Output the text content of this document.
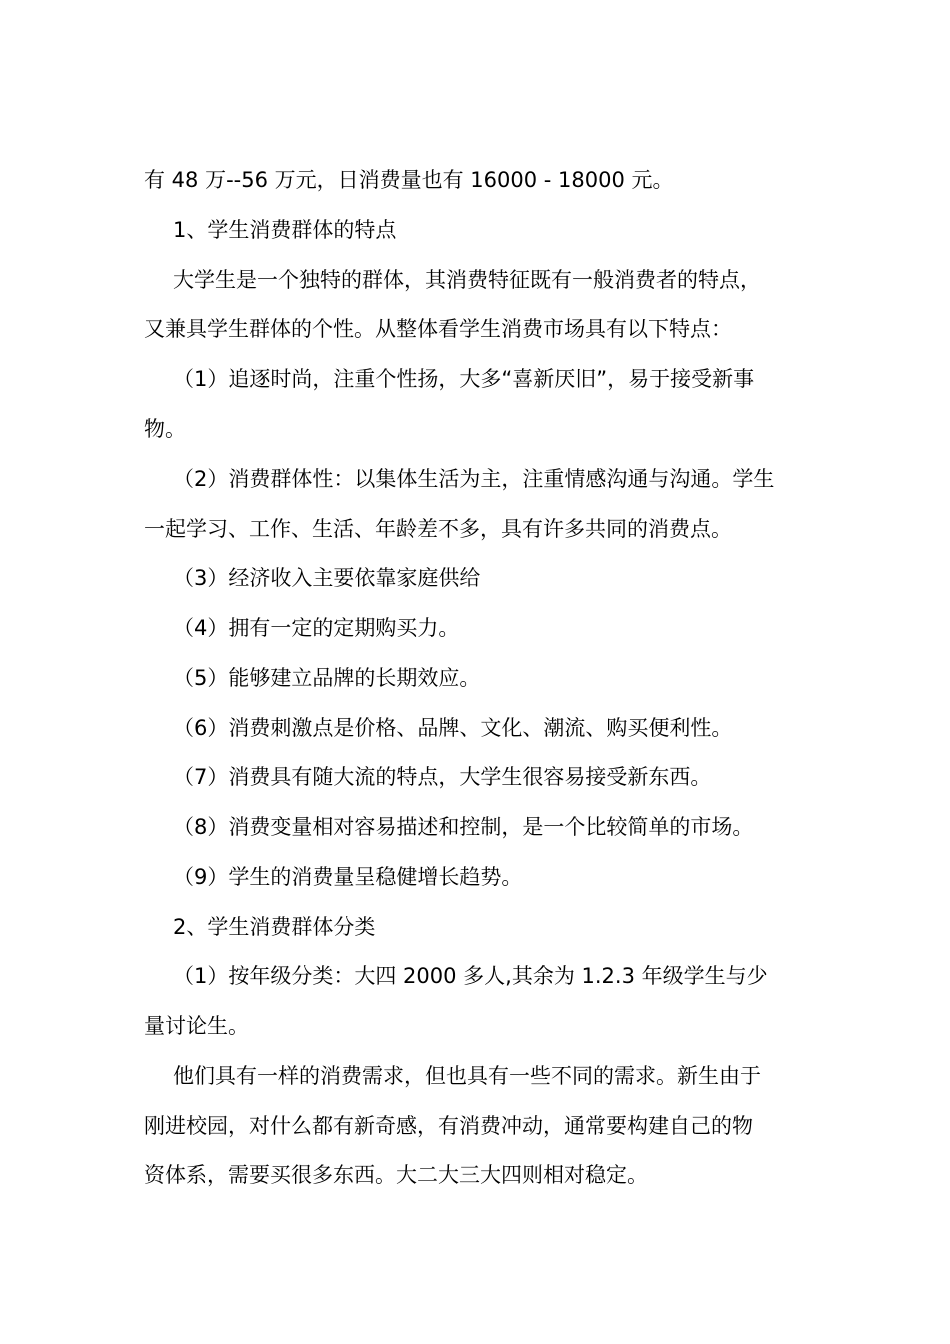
有 48 万--56 万元，日消费量也有 16000 - 18000 元。
1、学生消费群体的特点
大学生是一个独特的群体，其消费特征既有一般消费者的特点，
又兼具学生群体的个性。从整体看学生消费市场具有以下特点：
（1）追逐时尚，注重个性扬，大多“喜新厌旧”，易于接受新事
物。
（2）消费群体性：以集体生活为主，注重情感沟通与沟通。学生
一起学习、工作、生活、年龄差不多，具有许多共同的消费点。
（3）经济收入主要依靠家庭供给
（4）拥有一定的定期购买力。
（5）能够建立品牌的长期效应。
（6）消费刺激点是价格、品牌、文化、潮流、购买便利性。
（7）消费具有随大流的特点，大学生很容易接受新东西。
（8）消费变量相对容易描述和控制，是一个比较简单的市场。
（9）学生的消费量呈稳健增长趋势。
2、学生消费群体分类
（1）按年级分类：大四 2000 多人,其余为 1.2.3 年级学生与少
量讨论生。
他们具有一样的消费需求，但也具有一些不同的需求。新生由于
刚进校园，对什么都有新奇感，有消费冲动，通常要构建自己的物
资体系，需要买很多东西。大二大三大四则相对稳定。
